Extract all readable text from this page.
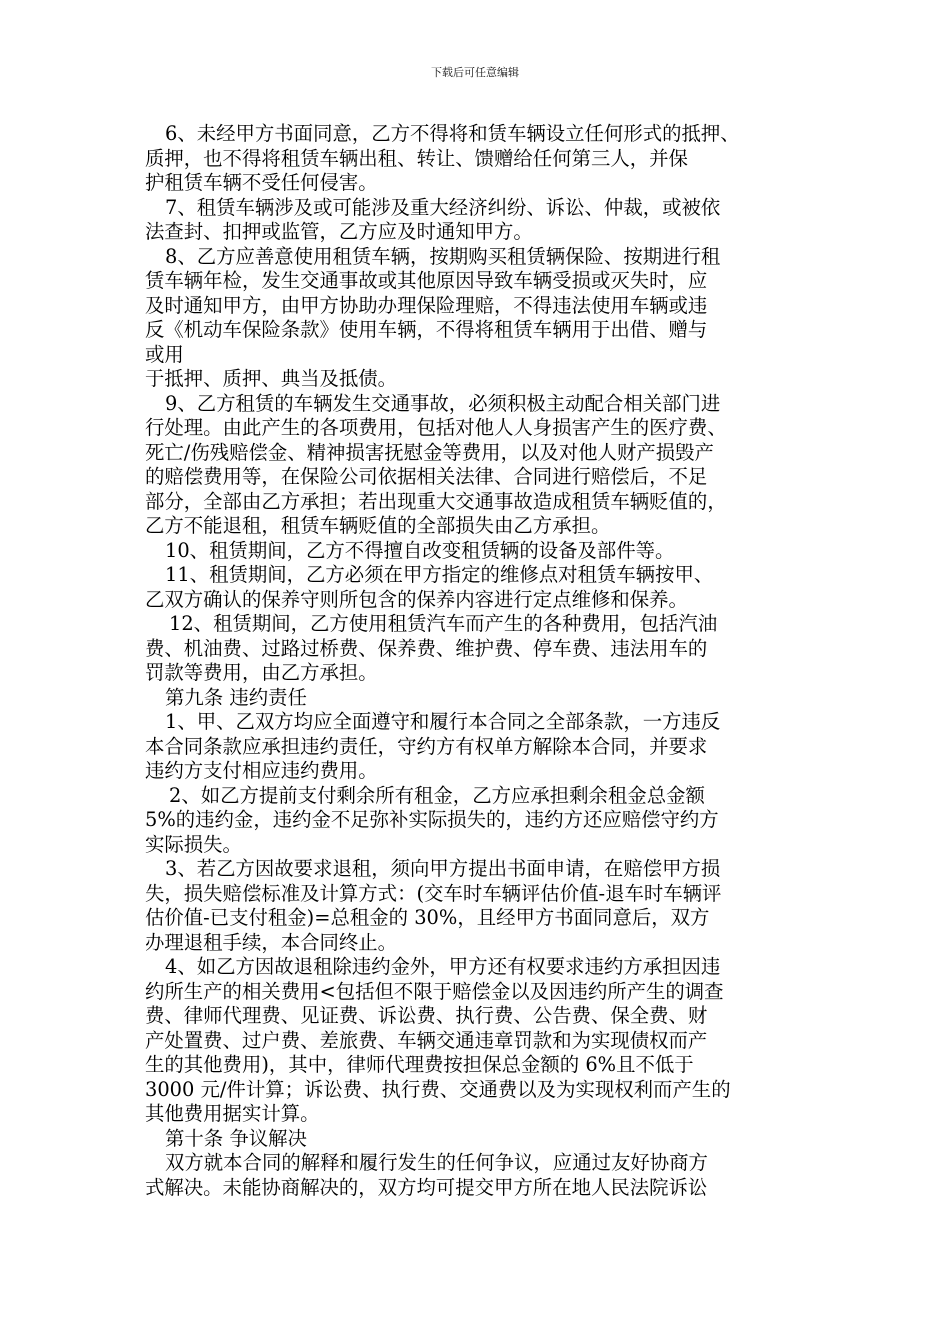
下载后可任意编辑
6、未经甲方书面同意，乙方不得将和赁车辆设立任何形式的抵押、
质押，也不得将租赁车辆出租、转让、馈赠给任何第三人，并保
护租赁车辆不受任何侵害。
7、租赁车辆涉及或可能涉及重大经济纠纷、诉讼、仲裁，或被依
法查封、扣押或监管，乙方应及时通知甲方。
8、乙方应善意使用租赁车辆，按期购买租赁辆保险、按期进行租
赁车辆年检，发生交通事故或其他原因导致车辆受损或灭失时，应
及时通知甲方，由甲方协助办理保险理赔，不得违法使用车辆或违
反《机动车保险条款》使用车辆，不得将租赁车辆用于出借、赠与
或用
于抵押、质押、典当及抵债。
9、乙方租赁的车辆发生交通事故，必须积极主动配合相关部门进
行处理。由此产生的各项费用，包括对他人人身损害产生的医疗费、
死亡/伤残赔偿金、精神损害抚慰金等费用，以及对他人财产损毁产
的赔偿费用等，在保险公司依据相关法律、合同进行赔偿后，不足
部分，全部由乙方承担；若出现重大交通事故造成租赁车辆贬值的，
乙方不能退租，租赁车辆贬值的全部损失由乙方承担。
10、租赁期间，乙方不得擅自改变租赁辆的设备及部件等。
11、租赁期间，乙方必须在甲方指定的维修点对租赁车辆按甲、
乙双方确认的保养守则所包含的保养内容进行定点维修和保养。
12、租赁期间，乙方使用租赁汽车而产生的各种费用，包括汽油
费、机油费、过路过桥费、保养费、维护费、停车费、违法用车的
罚款等费用，由乙方承担。
第九条 违约责任
1、甲、乙双方均应全面遵守和履行本合同之全部条款，一方违反
本合同条款应承担违约责任，守约方有权单方解除本合同，并要求
违约方支付相应违约费用。
2、如乙方提前支付剩余所有租金，乙方应承担剩余租金总金额
5%的违约金，违约金不足弥补实际损失的，违约方还应赔偿守约方
实际损失。
3、若乙方因故要求退租，须向甲方提出书面申请，在赔偿甲方损
失，损失赔偿标准及计算方式：(交车时车辆评估价值-退车时车辆评
估价值-已支付租金)=总租金的 30%，且经甲方书面同意后，双方
办理退租手续，本合同终止。
4、如乙方因故退租除违约金外，甲方还有权要求违约方承担因违
约所生产的相关费用<包括但不限于赔偿金以及因违约所产生的调查
费、律师代理费、见证费、诉讼费、执行费、公告费、保全费、财
产处置费、过户费、差旅费、车辆交通违章罚款和为实现债权而产
生的其他费用)，其中，律师代理费按担保总金额的 6%且不低于
3000 元/件计算；诉讼费、执行费、交通费以及为实现权利而产生的
其他费用据实计算。
第十条 争议解决
双方就本合同的解释和履行发生的任何争议，应通过友好协商方
式解决。未能协商解决的，双方均可提交甲方所在地人民法院诉讼
